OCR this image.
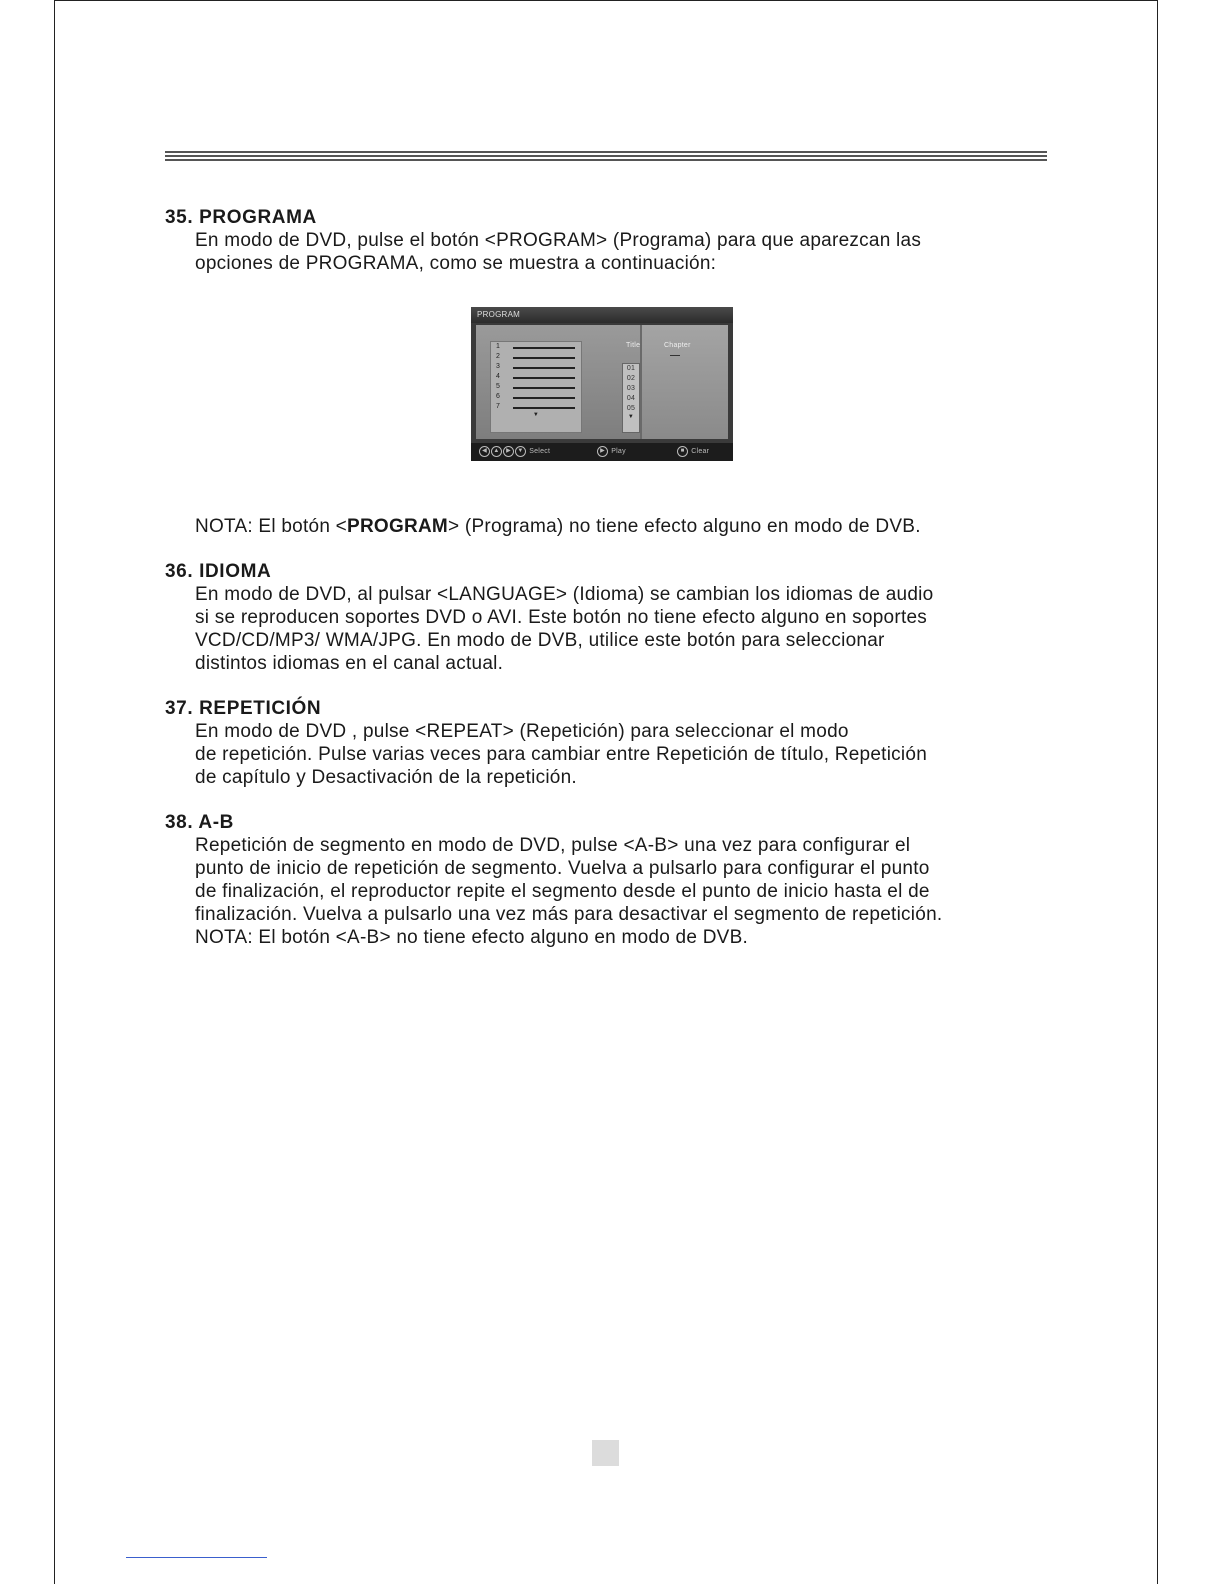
35. PROGRAMA

En modo de DVD, pulse el botón <PROGRAM> (Programa) para que aparezcan las

opciones de PROGRAMA, como se muestra a continuación:

PROGRAM
Title	Chapter
1
2
3
4
5
6
7
▼
01
02
03
04
05
▼
◀ ▲ ▶ ▼ Select	▶ Play	■ Clear

NOTA: El botón <PROGRAM> (Programa) no tiene efecto alguno en modo de DVB.

36. IDIOMA

En modo de DVD, al pulsar <LANGUAGE> (Idioma) se cambian los idiomas de audio

si se reproducen soportes DVD o AVI. Este botón no tiene efecto alguno en soportes

VCD/CD/MP3/ WMA/JPG. En modo de DVB, utilice este botón para seleccionar

distintos idiomas en el canal actual.

37. REPETICIÓN

En modo de DVD , pulse <REPEAT> (Repetición) para seleccionar el modo

de repetición. Pulse varias veces para cambiar entre Repetición de título, Repetición

de capítulo y Desactivación de la repetición.

38. A-B

Repetición de segmento en modo de DVD, pulse <A-B> una vez para configurar el

punto de inicio de repetición de segmento. Vuelva a pulsarlo para configurar el punto

de finalización, el reproductor repite el segmento desde el punto de inicio hasta el de

finalización. Vuelva a pulsarlo una vez más para desactivar el segmento de repetición.

NOTA: El botón <A-B> no tiene efecto alguno en modo de DVB.
